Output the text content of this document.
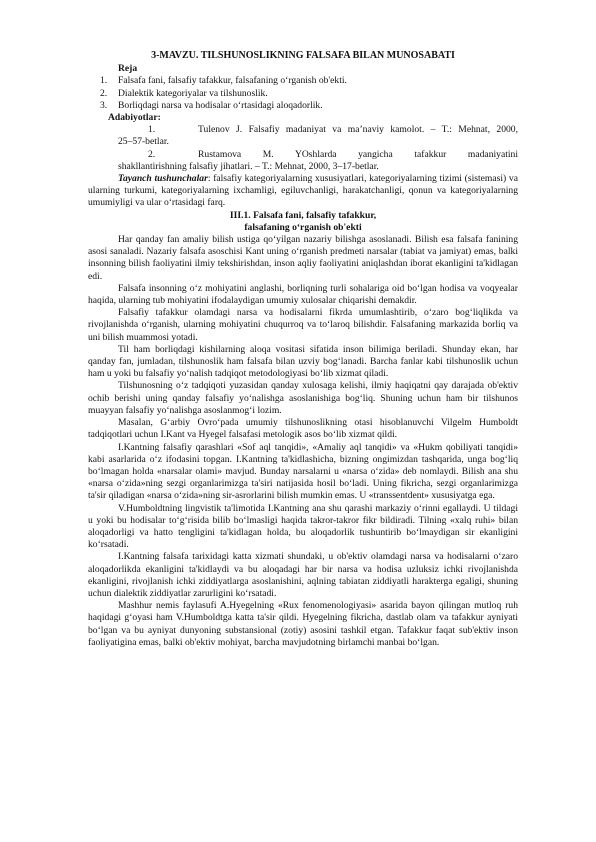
3-MAVZU. TILSHUNOSLIKNING FALSAFA BILAN MUNOSABATI
Reja
1.	Falsafa fani, falsafiy tafakkur, falsafaning o‘rganish ob'ekti.
2.	Dialektik kategoriyalar va tilshunoslik.
3.	Borliqdagi narsa va hodisalar o‘rtasidagi aloqadorlik.
Adabiyotlar:
1.	Tulenov J. Falsafiy madaniyat va ma’naviy kamolot. – T.: Mehnat, 2000,
25–57-betlar.
2.	Rustamova M. YOshlarda yangicha tafakkur madaniyatini
shakllantirishning falsafiy jihatlari. – T.: Mehnat, 2000, 3–17-betlar.

Tayanch tushunchalar: falsafiy kategoriyalarning xususiyatlari, kategoriyalarning tizimi (sistemasi) va ularning turkumi, kategoriyalarning ixchamligi, egiluvchanligi, harakatchanligi, qonun va kategoriyalarning umumiyligi va ular o‘rtasidagi farq.

III.1. Falsafa fani, falsafiy tafakkur,
falsafaning o‘rganish ob'ekti

Har qanday fan amaliy bilish ustiga qo‘yilgan nazariy bilishga asoslanadi. Bilish esa falsafa fanining asosi sanaladi. Nazariy falsafa asoschisi Kant uning o‘rganish predmeti narsalar (tabiat va jamiyat) emas, balki insonning bilish faoliyatini ilmiy tekshirishdan, inson aqliy faoliyatini aniqlashdan iborat ekanligini ta'kidlagan edi.

Falsafa insonning o‘z mohiyatini anglashi, borliqning turli sohalariga oid bo‘lgan hodisa va voqyealar haqida, ularning tub mohiyatini ifodalaydigan umumiy xulosalar chiqarishi demakdir.

Falsafiy tafakkur olamdagi narsa va hodisalarni fikrda umumlashtirib, o‘zaro bog‘liqlikda va rivojlanishda o‘rganish, ularning mohiyatini chuqurroq va to‘laroq bilishdir. Falsafaning markazida borliq va uni bilish muammosi yotadi.

Til ham borliqdagi kishilarning aloqa vositasi sifatida inson bilimiga beriladi. Shunday ekan, har qanday fan, jumladan, tilshunoslik ham falsafa bilan uzviy bog‘lanadi. Barcha fanlar kabi tilshunoslik uchun ham u yoki bu falsafiy yo‘nalish tadqiqot metodologiyasi bo‘lib xizmat qiladi.

Tilshunosning o‘z tadqiqoti yuzasidan qanday xulosaga kelishi, ilmiy haqiqatni qay darajada ob'ektiv ochib berishi uning qanday falsafiy yo‘nalishga asoslanishiga bog‘liq. Shuning uchun ham bir tilshunos muayyan falsafiy yo‘nalishga asoslanmog‘i lozim.

Masalan, G‘arbiy Ovro‘pada umumiy tilshunoslikning otasi hisoblanuvchi Vilgelm Humboldt tadqiqotlari uchun I.Kant va Hyegel falsafasi metologik asos bo‘lib xizmat qildi.

I.Kantning falsafiy qarashlari «Sof aql tanqidi», «Amaliy aql tanqidi» va «Hukm qobiliyati tanqidi» kabi asarlarida o‘z ifodasini topgan. I.Kantning ta'kidlashicha, bizning ongimizdan tashqarida, unga bog‘liq bo‘lmagan holda «narsalar olami» mavjud. Bunday narsalarni u «narsa o‘zida» deb nomlaydi. Bilish ana shu «narsa o‘zida»ning sezgi organlarimizga ta'siri natijasida hosil bo‘ladi. Uning fikricha, sezgi organlarimizga ta'sir qiladigan «narsa o‘zida»ning sir-asrorlarini bilish mumkin emas. U «transsentdent» xususiyatga ega.

V.Humboldtning lingvistik ta'limotida I.Kantning ana shu qarashi markaziy o‘rinni egallaydi. U tildagi u yoki bu hodisalar to‘g‘risida bilib bo‘lmasligi haqida takror-takror fikr bildiradi. Tilning «xalq ruhi» bilan aloqadorligi va hatto tengligini ta'kidlagan holda, bu aloqadorlik tushuntirib bo‘lmaydigan sir ekanligini ko‘rsatadi.

I.Kantning falsafa tarixidagi katta xizmati shundaki, u ob'ektiv olamdagi narsa va hodisalarni o‘zaro aloqadorlikda ekanligini ta'kidlaydi va bu aloqadagi har bir narsa va hodisa uzluksiz ichki rivojlanishda ekanligini, rivojlanish ichki ziddiyatlarga asoslanishini, aqlning tabiatan ziddiyatli harakterga egaligi, shuning uchun dialektik ziddiyatlar zarurligini ko‘rsatadi.

Mashhur nemis faylasufi A.Hyegelning «Rux fenomenologiyasi» asarida bayon qilingan mutloq ruh haqidagi g‘oyasi ham V.Humboldtga katta ta'sir qildi. Hyegelning fikricha, dastlab olam va tafakkur ayniyati bo‘lgan va bu ayniyat dunyoning substansional (zotiy) asosini tashkil etgan. Tafakkur faqat sub'ektiv inson faoliyatigina emas, balki ob'ektiv mohiyat, barcha mavjudotning birlamchi manbai bo‘lgan.
